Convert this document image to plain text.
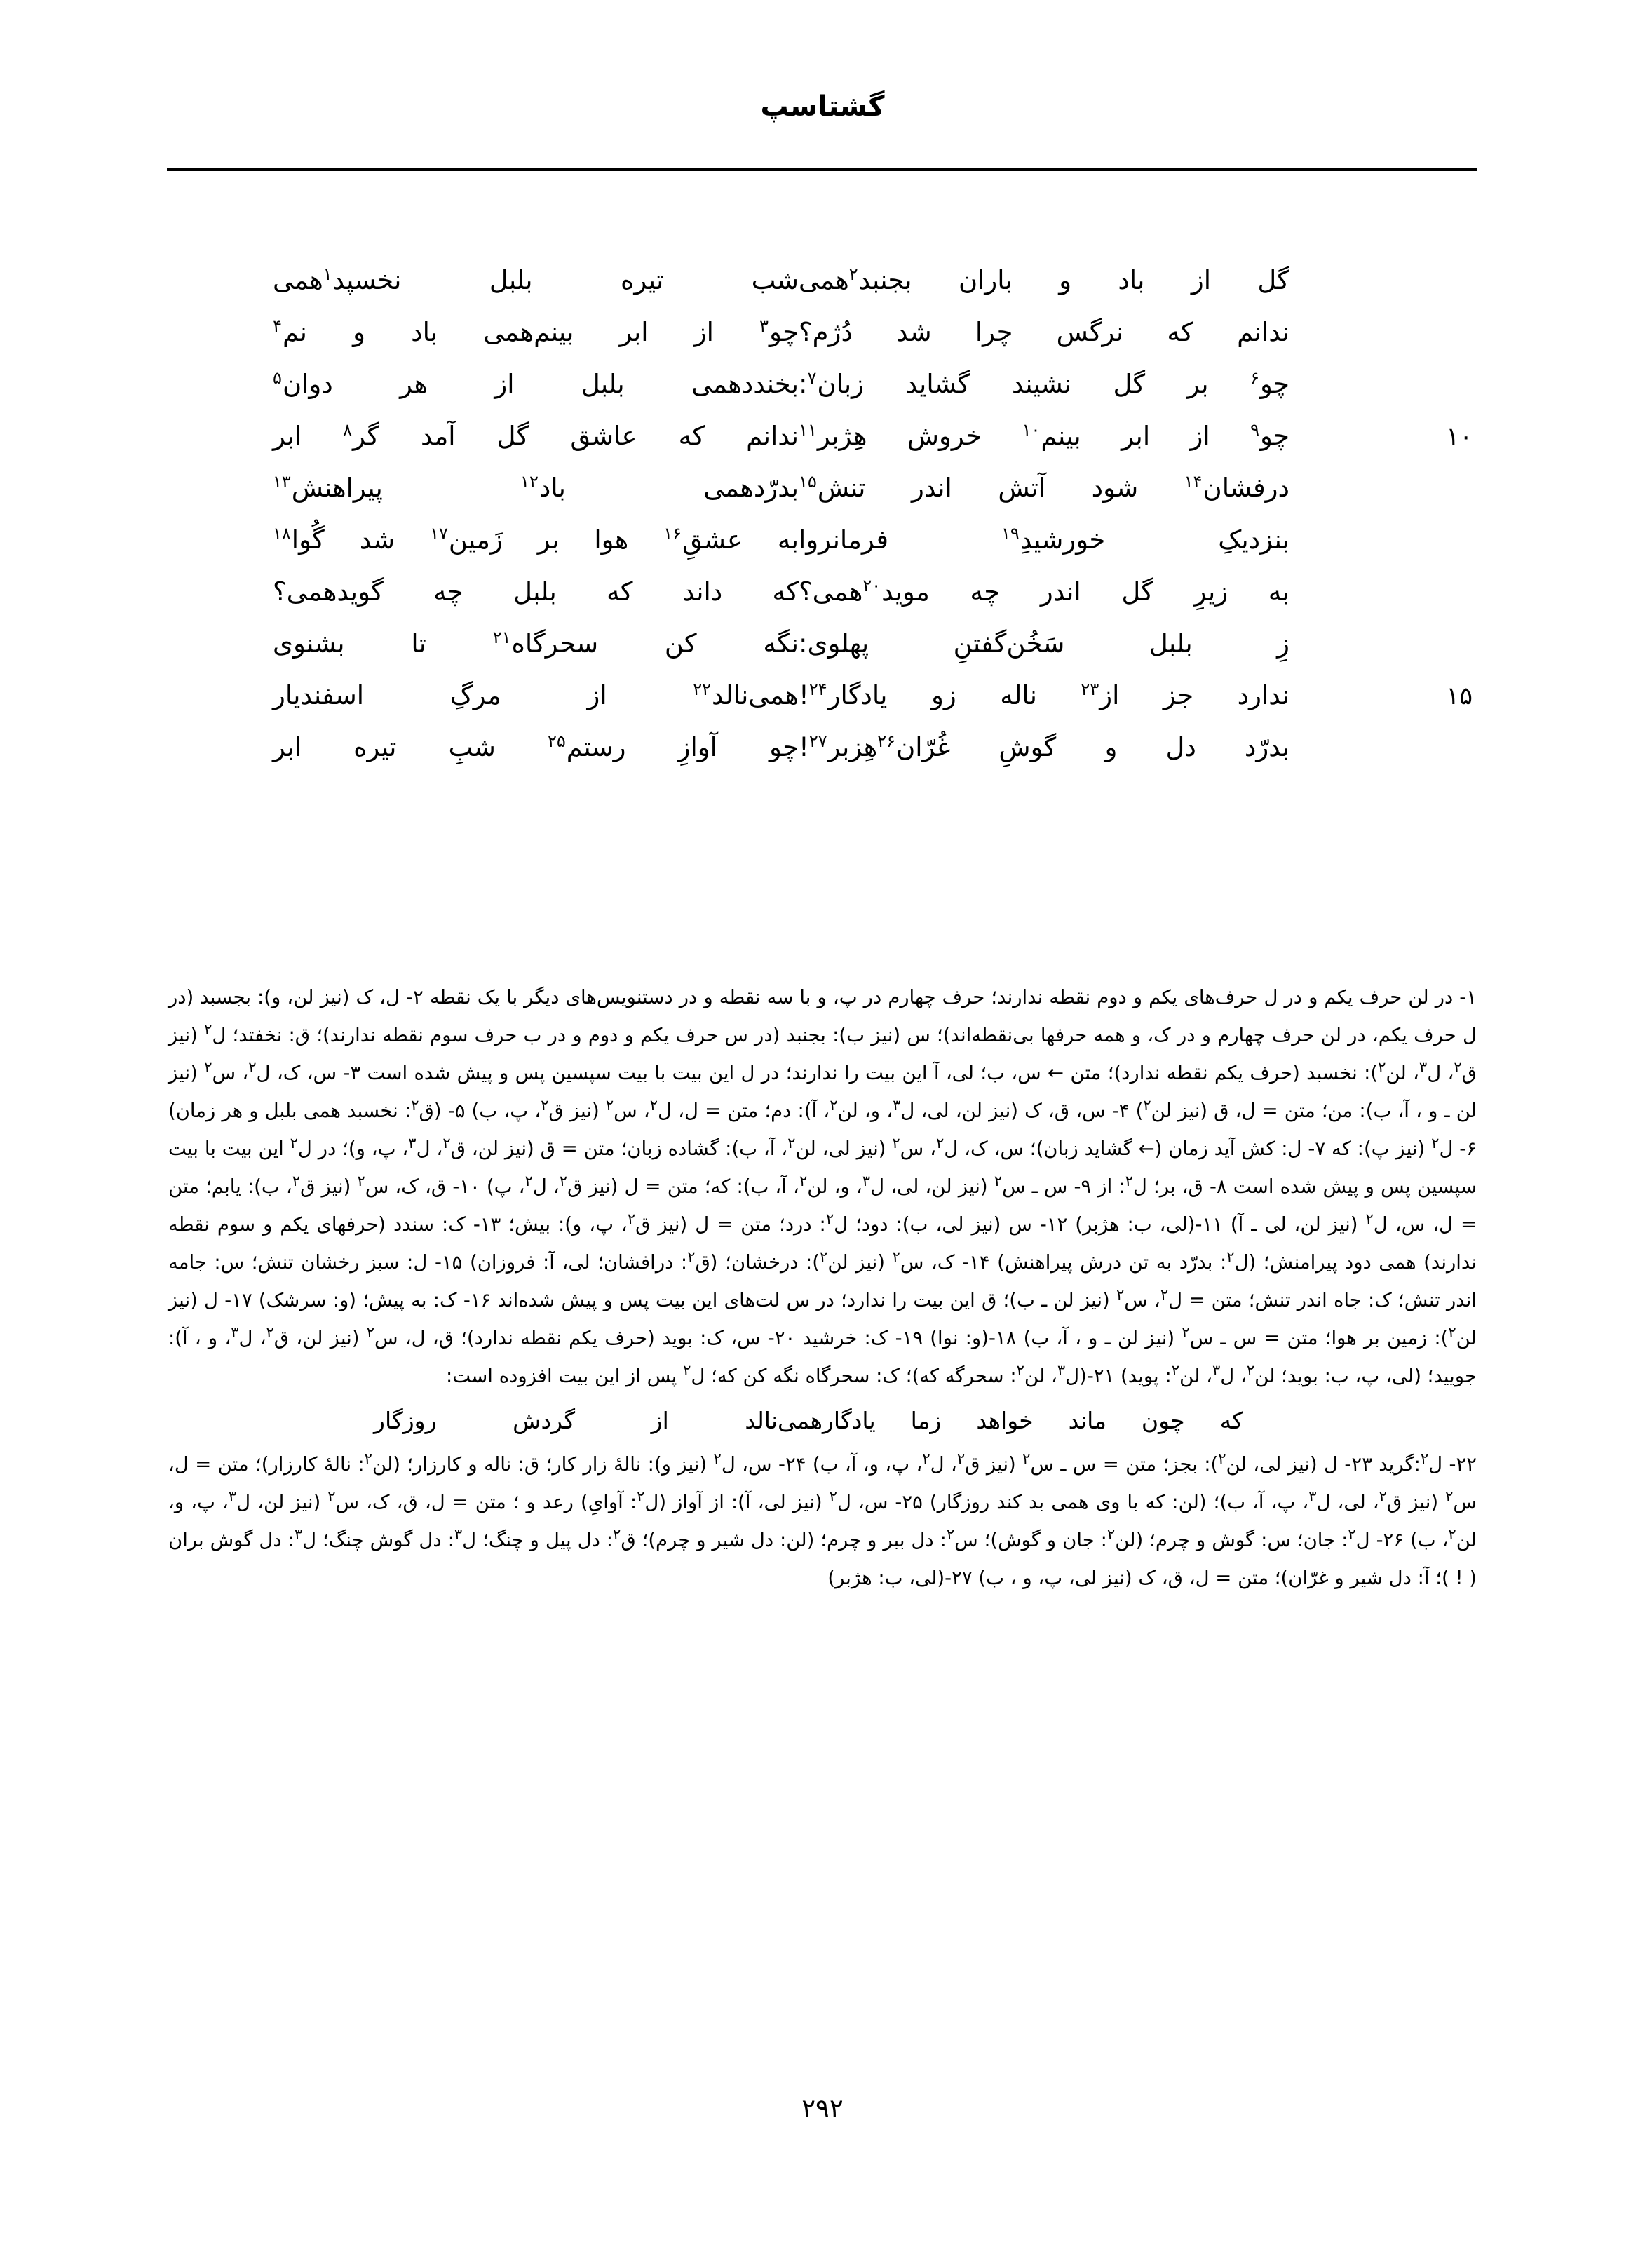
گشتاسپ
گل
از
باد
و
باران
بجنبد$^۲$همی
شب
تیره
بلبل
نخسپد$^۱$همی
ندانم
که
نرگس
چرا
شد
دُژم؟
چو$^۳$
از
ابر
بینم‌همی
باد
و
نم$^۴$
چو$^۶$
بر
گل
نشیند
گشاید
زبان$^۷$:
بخندد‌همی
بلبل
از
هر
دوان$^۵$
۱۰
چو$^۹$
از
ابر
بینم$^{۱۰}$
خروش
هِژبر$^{۱۱}$
ندانم
که
عاشق
گل
آمد
گر$^۸$
ابر
درفشان$^{۱۴}$
شود
آتش
اندر
تنش$^{۱۵}$
بدرّد‌همی
باد$^{۱۲}$
پیراهنش$^{۱۳}$
بنزدیکِ
خورشیدِ$^{۱۹}$
فرمانروا
به
عشقِ$^{۱۶}$
هوا
بر
زَمین$^{۱۷}$
شد
گُوا$^{۱۸}$
به
زیرِ
گل
اندر
چه
موید$^{۲۰}$همی؟
که
داند
که
بلبل
چه
گوید‌همی؟
زِ
بلبل
سَخُن‌گفتنِ
پهلوی:
نگه
کن
سحرگاه$^{۲۱}$
تا
بشنوی
۱۵
ندارد
جز
از$^{۲۳}$
ناله
زو
یادگار$^{۲۴}$!
همی‌نالد$^{۲۲}$
از
مرگِ
اسفندیار
بدرّد
دل
و
گوشِ
غُرّان$^{۲۶}$هِزبر$^{۲۷}$!
چو
آوازِ
رستم$^{۲۵}$
شبِ
تیره
ابر

۱- در لن حرف یکم و در ل حرف‌های یکم و دوم نقطه ندارند؛ حرف چهارم در پ، و با سه نقطه و در دستنویس‌های دیگر با یک نقطه ۲- ل، ک (نیز لن، و): بجسبد (در ل حرف یکم، در لن حرف چهارم و در ک، و همه حرفها بی‌نقطه‌اند)؛ س (نیز ب): بجنبد (در س حرف یکم و دوم و در ب حرف سوم نقطه ندارند)؛ ق: نخفتد؛ ل$^۲$ (نیز ق$^۲$، ل$^۳$، لن$^۲$): نخسبد (حرف یکم نقطه ندارد)؛ متن ← س، ب؛ لی، آ این بیت را ندارند؛ در ل این بیت با بیت سپسین پس و پیش شده است ۳- س، ک، ل$^۲$، س$^۲$ (نیز لن ـ و ، آ، ب): من؛ متن = ل، ق (نیز لن$^۲$) ۴- س، ق، ک (نیز لن، لی، ل$^۳$، و، لن$^۲$، آ): دم؛ متن = ل، ل$^۲$، س$^۲$ (نیز ق$^۲$، پ، ب) ۵- (ق$^۲$: نخسبد همی بلبل و هر زمان) ۶- ل$^۲$ (نیز پ): که ۷- ل: کش آید زمان (← گشاید زبان)؛ س، ک، ل$^۲$، س$^۲$ (نیز لی، لن$^۲$، آ، ب): گشاده زبان؛ متن = ق (نیز لن، ق$^۲$، ل$^۳$، پ، و)؛ در ل$^۲$ این بیت با بیت سپسین پس و پیش شده است ۸- ق، بر؛ ل$^۲$: از ۹- س ـ س$^۲$ (نیز لن، لی، ل$^۳$، و، لن$^۲$، آ، ب): که؛ متن = ل (نیز ق$^۲$، ل$^۲$، پ) ۱۰- ق، ک، س$^۲$ (نیز ق$^۲$، ب): یابم؛ متن = ل، س، ل$^۲$ (نیز لن، لی ـ آ) ۱۱-(لی، ب: هژبر) ۱۲- س (نیز لی، ب): دود؛ ل$^۲$: درد؛ متن = ل (نیز ق$^۲$، پ، و): بیش؛ ۱۳- ک: سندد (حرفهای یکم و سوم نقطه ندارند) همی دود پیرامنش؛ (ل$^۲$: بدرّد به تن درش پیراهنش) ۱۴- ک، س$^۲$ (نیز لن$^۲$): درخشان؛ (ق$^۲$: درافشان؛ لی، آ: فروزان) ۱۵- ل: سبز رخشان تنش؛ س: جامه اندر تنش؛ ک: جاه اندر تنش؛ متن = ل$^۲$، س$^۲$ (نیز لن ـ ب)؛ ق این بیت را ندارد؛ در س لت‌های این بیت پس و پیش شده‌اند ۱۶- ک: به پیش؛ (و: سرشک) ۱۷- ل (نیز لن$^۲$): زمین بر هوا؛ متن = س ـ س$^۲$ (نیز لن ـ و ، آ، ب) ۱۸-(و: نوا) ۱۹- ک: خرشید ۲۰- س، ک: بوید (حرف یکم نقطه ندارد)؛ ق، ل، س$^۲$ (نیز لن، ق$^۲$، ل$^۳$، و ، آ): جویید؛ (لی، پ، ب: بوید؛ لن$^۲$، ل$^۳$، لن$^۲$: پوید) ۲۱-(ل$^۳$، لن$^۲$: سحرگه که)؛ ک: سحرگاه نگه کن که؛ ل$^۲$ پس از این بیت افزوده است:

که
چون
ماند
خواهد
زما
یادگار
همی‌نالد
از
گردش
روزگار

۲۲- ل$^۲$:گرید ۲۳- ل (نیز لی، لن$^۲$): بجز؛ متن = س ـ س$^۲$ (نیز ق$^۲$، ل$^۲$، پ، و، آ، ب) ۲۴- س، ل$^۲$ (نیز و): نالهٔ زار کار؛ ق: ناله و کارزار؛ (لن$^۲$: نالهٔ کارزار)؛ متن = ل، س$^۲$ (نیز ق$^۲$، لی، ل$^۳$، پ، آ، ب)؛ (لن: که با وی همی بد کند روزگار) ۲۵- س، ل$^۲$ (نیز لی، آ): از آواز (ل$^۲$: آوایِ) رعد و ؛ متن = ل، ق، ک، س$^۲$ (نیز لن، ل$^۳$، پ، و، لن$^۲$، ب) ۲۶- ل$^۲$: جان؛ س: گوش و چرم؛ (لن$^۲$: جان و گوش)؛ س$^۲$: دل ببر و چرم؛ (لن: دل شیر و چرم)؛ ق$^۲$: دل پیل و چنگ؛ ل$^۳$: دل گوش چنگ؛ ل$^۳$: دل گوش بران ( ! )؛ آ: دل شیر و غرّان)؛ متن = ل، ق، ک (نیز لی، پ، و ، ب) ۲۷-(لی، ب: هژبر)

۲۹۲
